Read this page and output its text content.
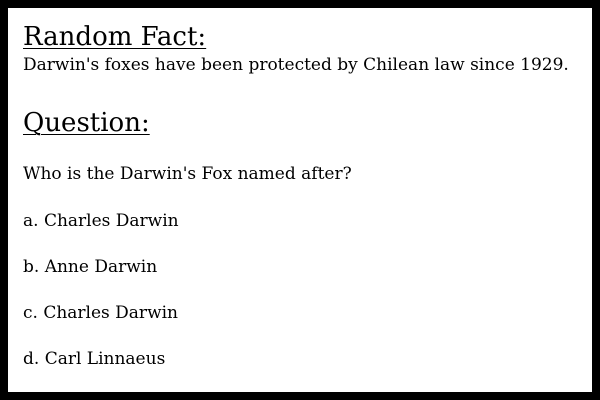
Random Fact:
Darwin's foxes have been protected by Chilean law since 1929.
Question:
Who is the Darwin's Fox named after?
a. Charles Darwin
b. Anne Darwin
c. Charles Darwin
d. Carl Linnaeus
